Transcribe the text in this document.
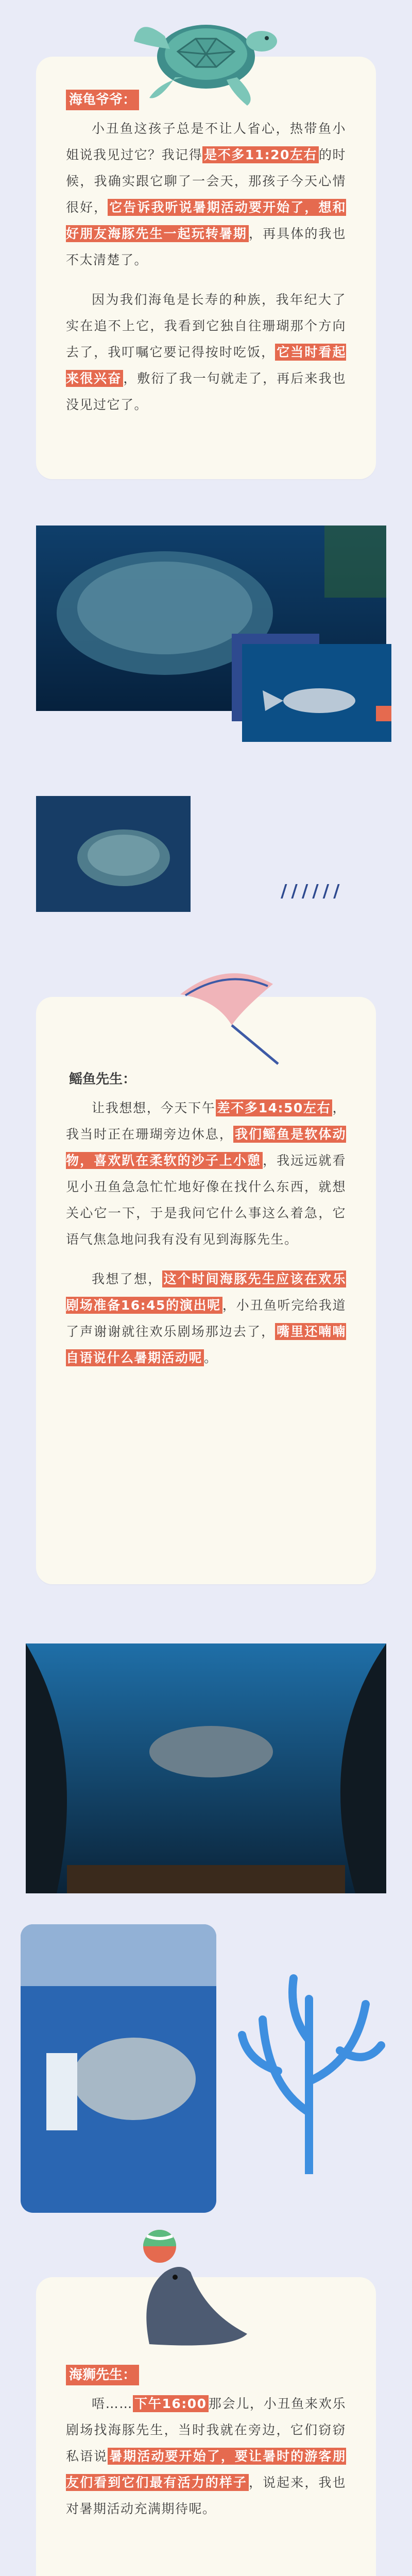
海龟爷爷：

小丑鱼这孩子总是不让人省心，热带鱼小姐说我见过它？我记得 是不多11:20左右 的时候，我确实跟它聊了一会天，那孩子今天心情很好， 它告诉我听说暑期活动要开始了，想和好朋友海豚先生一起玩转暑期 ，再具体的我也不太清楚了。

因为我们海龟是长寿的种族，我年纪大了实在追不上它，我看到它独自往珊瑚那个方向去了，我叮嘱它要记得按时吃饭， 它当时看起来很兴奋 ，敷衍了我一句就走了，再后来我也没见过它了。

//////
鳐鱼先生：

让我想想，今天下午 差不多14:50左右 ，我当时正在珊瑚旁边休息， 我们鳐鱼是软体动物，喜欢趴在柔软的沙子上小憩 ，我远远就看见小丑鱼急急忙忙地好像在找什么东西，就想关心它一下，于是我问它什么事这么着急，它语气焦急地问我有没有见到海豚先生。

我想了想， 这个时间海豚先生应该在欢乐剧场准备16:45的演出呢 ，小丑鱼听完给我道了声谢谢就往欢乐剧场那边去了， 嘴里还喃喃自语说什么暑期活动呢 。

海狮先生：

唔…… 下午16:00 那会儿，小丑鱼来欢乐剧场找海豚先生，当时我就在旁边，它们窃窃私语说 暑期活动要开始了，要让暑时的游客朋友们看到它们最有活力的样子 ，说起来，我也对暑期活动充满期待呢。
